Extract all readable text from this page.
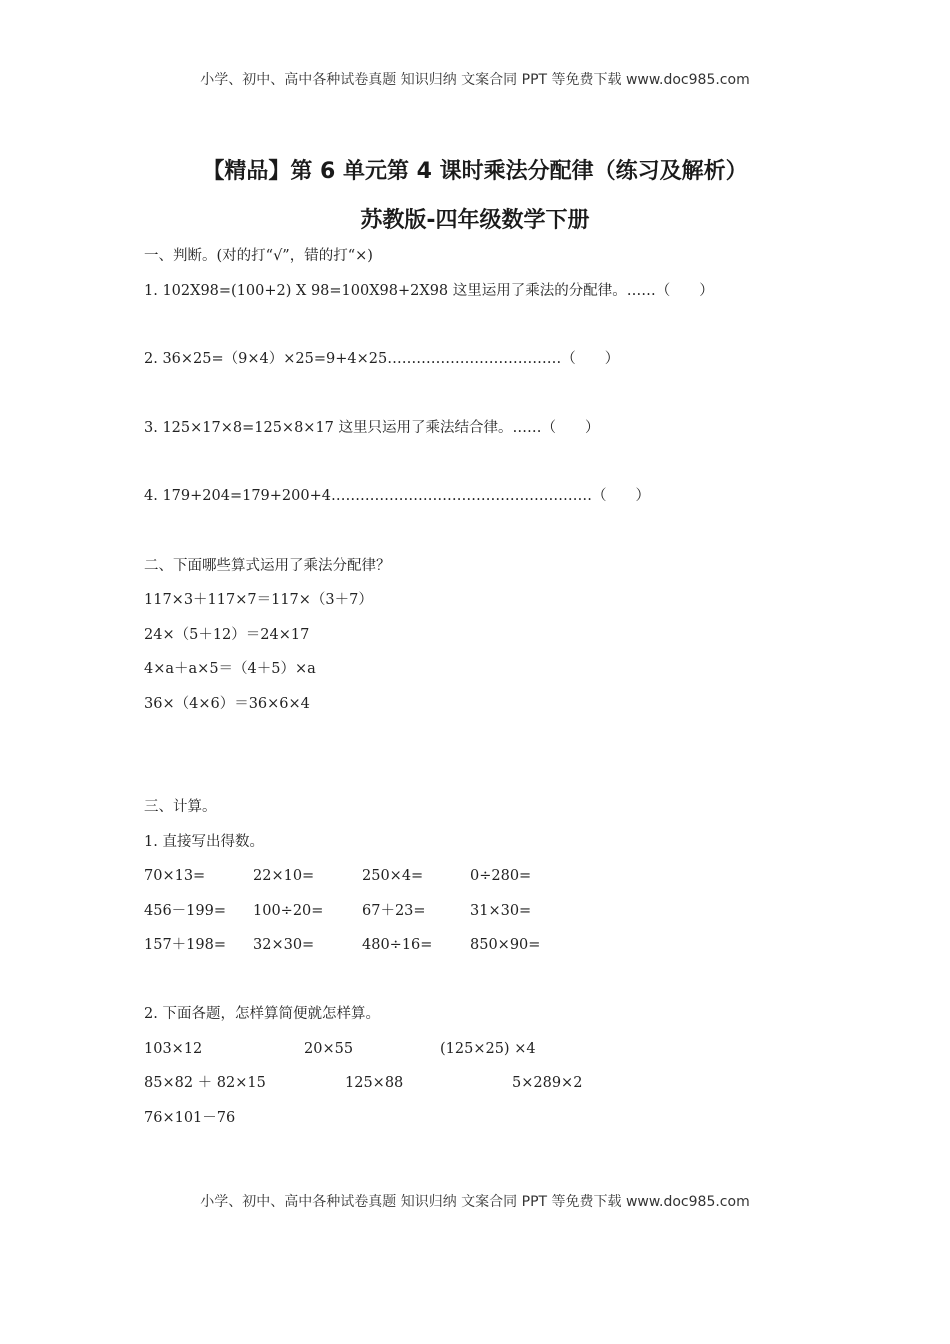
小学、初中、高中各种试卷真题 知识归纳 文案合同 PPT 等免费下载 www.doc985.com
【精品】第 6 单元第 4 课时乘法分配律（练习及解析）
苏教版-四年级数学下册
一、判断。(对的打“√”，错的打“×)
1. 102X98=(100+2) X 98=100X98+2X98 这里运用了乘法的分配律。……（　　）
2. 36×25=（9×4）×25=9+4×25………………………………（　　）
3. 125×17×8=125×8×17 这里只运用了乘法结合律。……（　　）
4. 179+204=179+200+4………………………………………………（　　）
二、下面哪些算式运用了乘法分配律？
117×3＋117×7＝117×（3＋7）
24×（5＋12）＝24×17
4×a＋a×5＝（4＋5）×a
36×（4×6）＝36×6×4
三、计算。
1. 直接写出得数。
70×13=	22×10=	250×4=	0÷280=
456－199= 100÷20=	67＋23=	31×30=
157＋198= 32×30=	480÷16=	850×90=
2. 下面各题，怎样算简便就怎样算。
103×12	20×55	(125×25) ×4
85×82 ＋ 82×15	125×88	5×289×2
76×101－76
小学、初中、高中各种试卷真题 知识归纳 文案合同 PPT 等免费下载 www.doc985.com
